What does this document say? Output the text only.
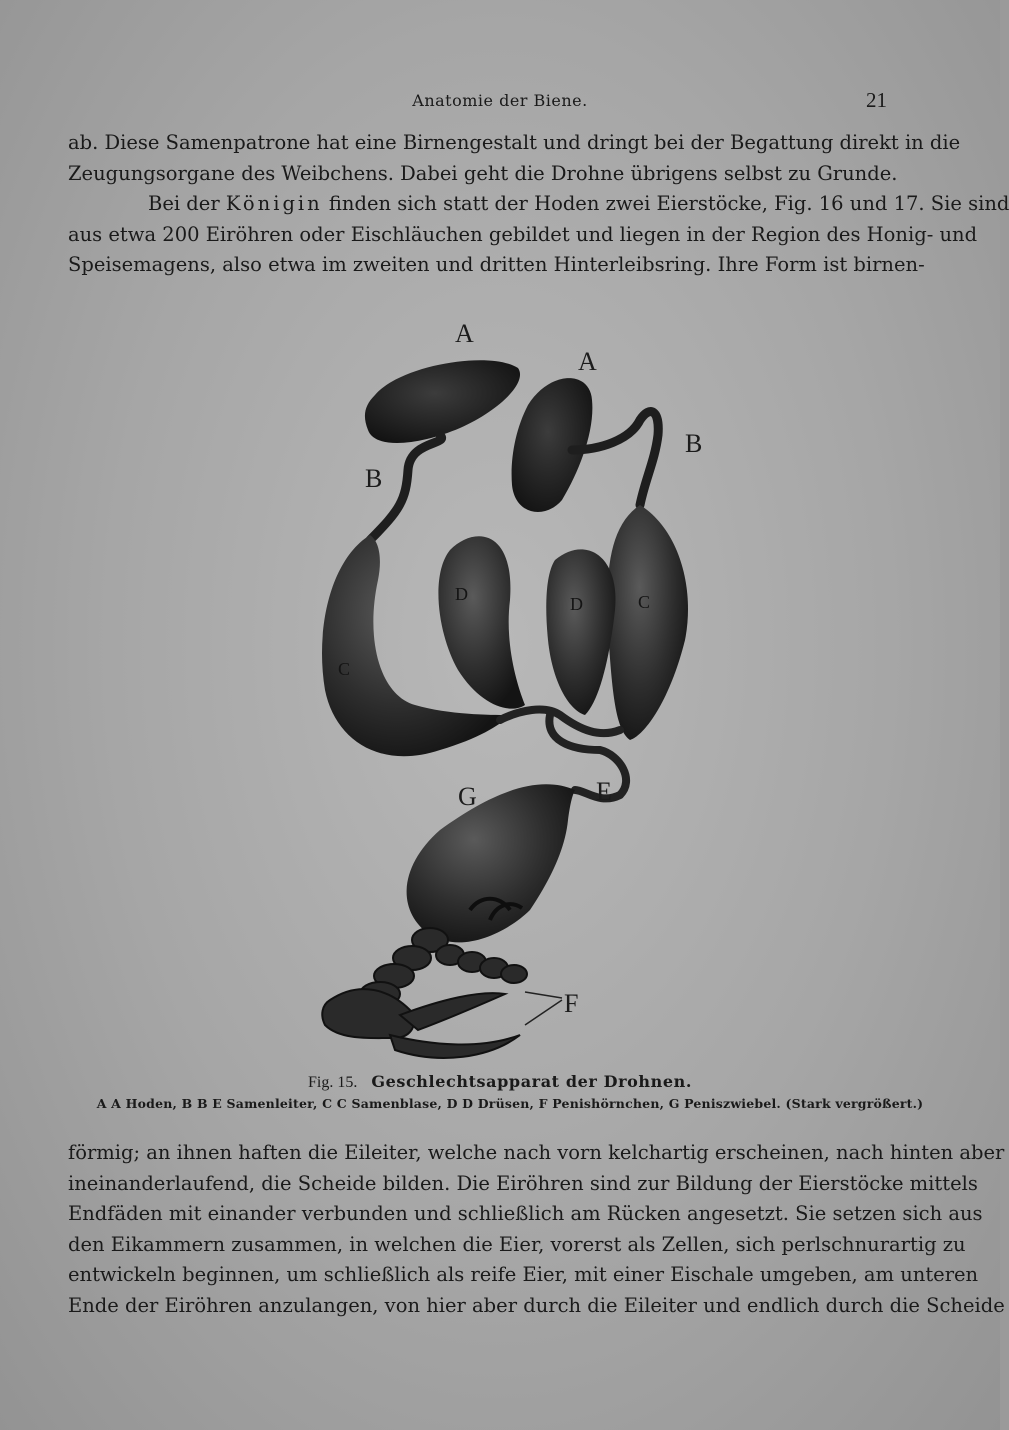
Anatomie der Biene.	21
ab. Diese Samenpatrone hat eine Birnengestalt und dringt bei der Begattung direkt in die
Zeugungsorgane des Weibchens. Dabei geht die Drohne übrigens selbst zu Grunde.
Bei der Königin finden sich statt der Hoden zwei Eierstöcke, Fig. 16 und 17. Sie sind
aus etwa 200 Eiröhren oder Eischläuchen gebildet und liegen in der Region des Honig- und
Speisemagens, also etwa im zweiten und dritten Hinterleibsring. Ihre Form ist birnen-
A
A
B
B
C
C
D	D
G	E
F
Fig. 15. Geschlechtsapparat der Drohnen.
A A Hoden, B B E Samenleiter, C C Samenblase, D D Drüsen, F Penishörnchen, G Peniszwiebel. (Stark vergrößert.)
förmig; an ihnen haften die Eileiter, welche nach vorn kelchartig erscheinen, nach hinten aber
ineinanderlaufend, die Scheide bilden. Die Eiröhren sind zur Bildung der Eierstöcke mittels
Endfäden mit einander verbunden und schließlich am Rücken angesetzt. Sie setzen sich aus
den Eikammern zusammen, in welchen die Eier, vorerst als Zellen, sich perlschnurartig zu
entwickeln beginnen, um schließlich als reife Eier, mit einer Eischale umgeben, am unteren
Ende der Eiröhren anzulangen, von hier aber durch die Eileiter und endlich durch die Scheide
